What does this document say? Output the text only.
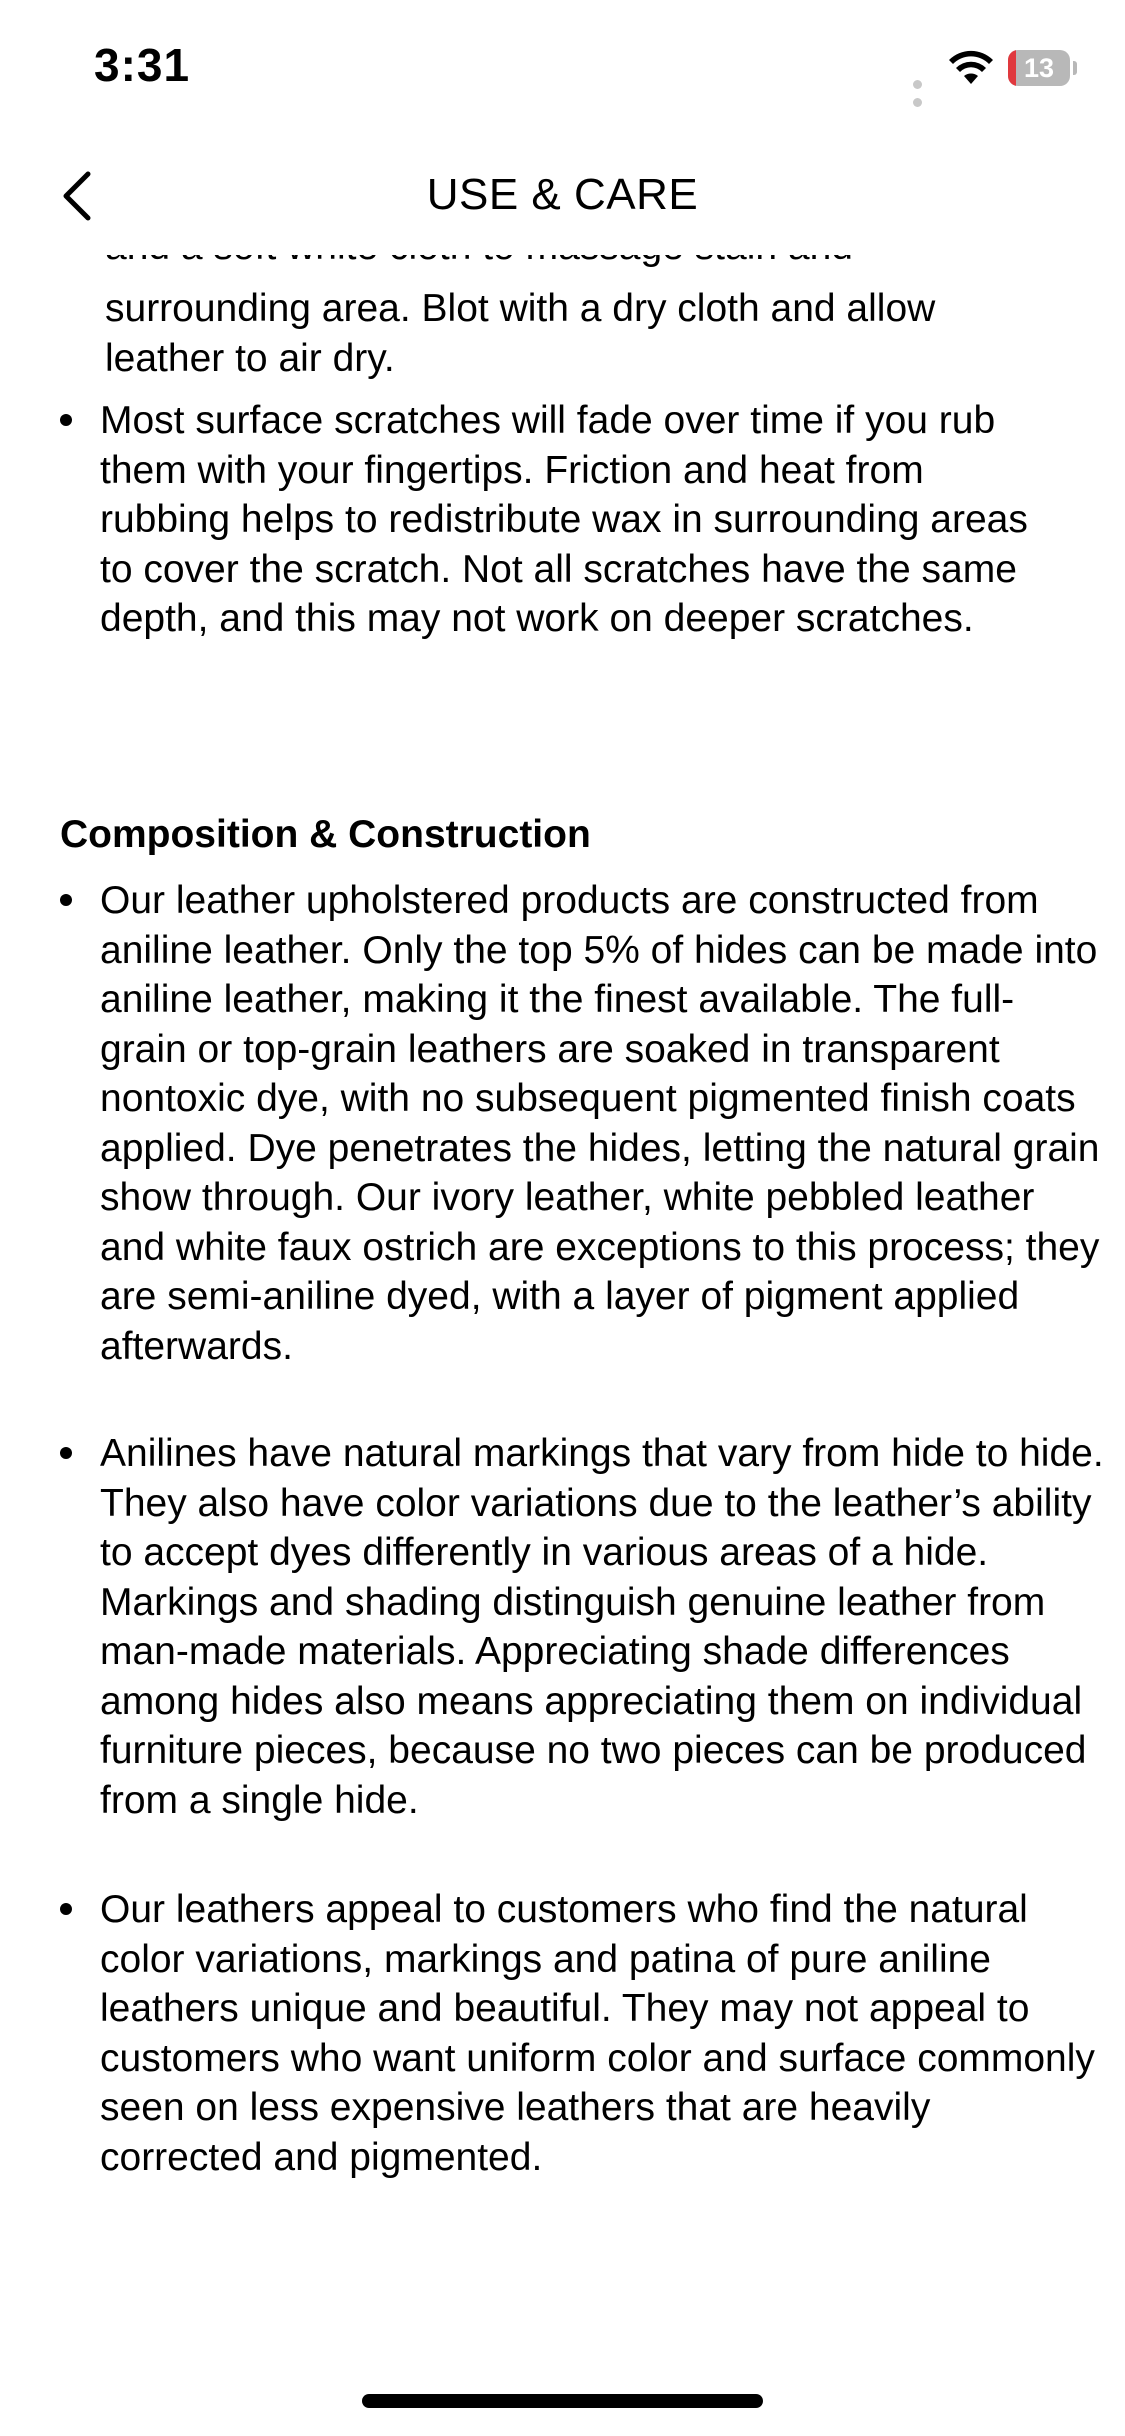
surrounding area. Blot with a dry cloth and allow leather to air dry.

Most surface scratches will fade over time if you rub them with your fingertips. Friction and heat from rubbing helps to redistribute wax in surrounding areas to cover the scratch. Not all scratches have the same depth, and this may not work on deeper scratches.

Composition & Construction

Our leather upholstered products are constructed from aniline leather. Only the top 5% of hides can be made into aniline leather, making it the finest available. The full-grain or top-grain leathers are soaked in transparent nontoxic dye, with no subsequent pigmented finish coats applied. Dye penetrates the hides, letting the natural grain show through. Our ivory leather, white pebbled leather and white faux ostrich are exceptions to this process; they are semi-aniline dyed, with a layer of pigment applied afterwards.

Anilines have natural markings that vary from hide to hide. They also have color variations due to the leather’s ability to accept dyes differently in various areas of a hide. Markings and shading distinguish genuine leather from man-made materials. Appreciating shade differences among hides also means appreciating them on individual furniture pieces, because no two pieces can be produced from a single hide.

Our leathers appeal to customers who find the natural color variations, markings and patina of pure aniline leathers unique and beautiful. They may not appeal to customers who want uniform color and surface commonly seen on less expensive leathers that are heavily corrected and pigmented.

3:31	13
USE & CARE
